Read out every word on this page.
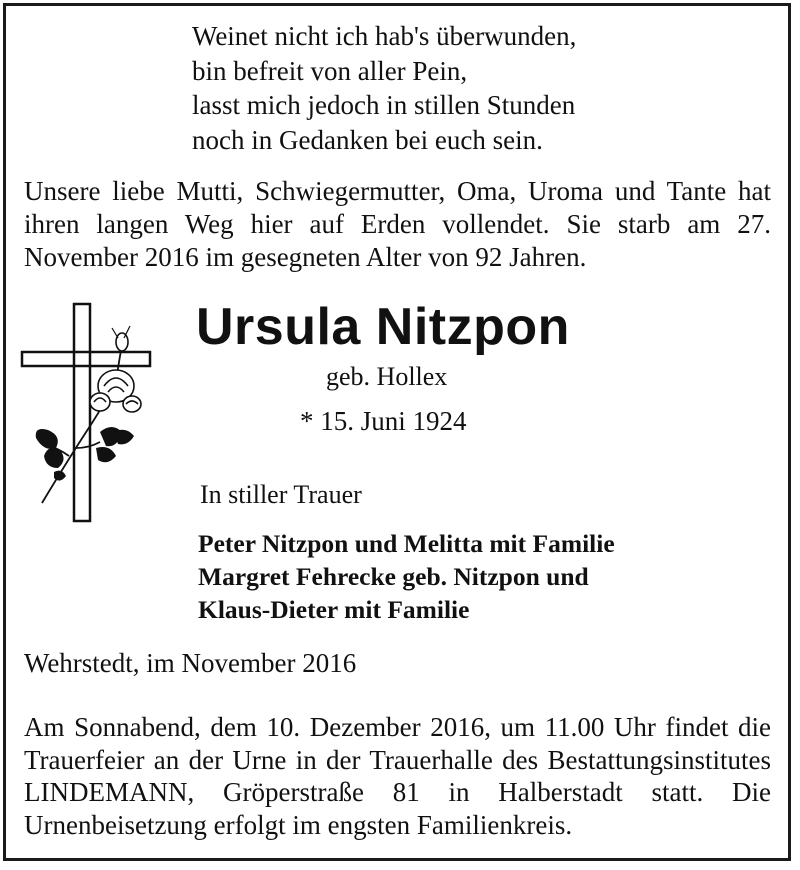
Weinet nicht ich hab's überwunden,
bin befreit von aller Pein,
lasst mich jedoch in stillen Stunden
noch in Gedanken bei euch sein.
Unsere liebe Mutti, Schwiegermutter, Oma, Uroma und Tante hat ihren langen Weg hier auf Erden vollendet. Sie starb am 27. November 2016 im gesegneten Alter von 92 Jahren.
Ursula Nitzpon
geb. Hollex
* 15. Juni 1924
In stiller Trauer
Peter Nitzpon und Melitta mit Familie
Margret Fehrecke geb. Nitzpon und
Klaus-Dieter mit Familie
Wehrstedt, im November 2016
Am Sonnabend, dem 10. Dezember 2016, um 11.00 Uhr findet die Trauerfeier an der Urne in der Trauerhalle des Bestattungsinstitutes LINDEMANN, Gröperstraße 81 in Halberstadt statt. Die Urnenbeisetzung erfolgt im engsten Familienkreis.
